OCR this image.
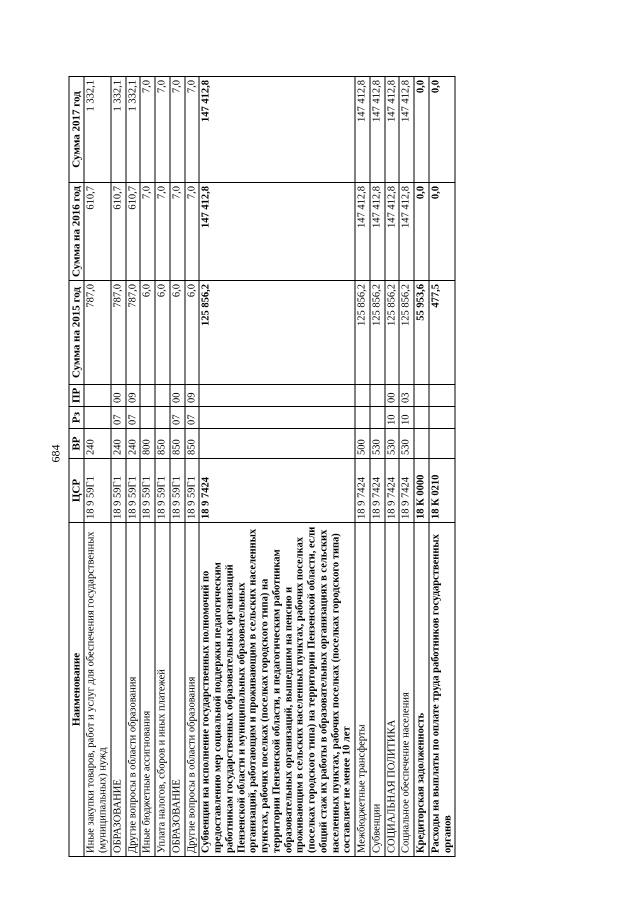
684
Наименование	ЦСР	ВР	Рз	ПР	Сумма на 2015 год	Сумма на 2016 год	Сумма 2017 год
Иные закупки товаров, работ и услуг для обеспечения государственных (муниципальных) нужд	18 9 59Г1	240			787,0	610,7	1 332,1
ОБРАЗОВАНИЕ	18 9 59Г1	240	07	00	787,0	610,7	1 332,1
Другие вопросы в области образования	18 9 59Г1	240	07	09	787,0	610,7	1 332,1
Иные бюджетные ассигнования	18 9 59Г1	800			6,0	7,0	7,0
Уплата налогов, сборов и иных платежей	18 9 59Г1	850			6,0	7,0	7,0
ОБРАЗОВАНИЕ	18 9 59Г1	850	07	00	6,0	7,0	7,0
Другие вопросы в области образования	18 9 59Г1	850	07	09	6,0	7,0	7,0
Субвенции на исполнение государственных полномочий по предоставлению мер социальной поддержки педагогическим работникам государственных образовательных организаций Пензенской области и муниципальных образовательных организаций, работающим и проживающим в сельских населенных пунктах, рабочих поселках (поселках городского типа) на территории Пензенской области, и педагогическим работникам образовательных организаций, вышедшим на пенсию и проживающим в сельских населенных пунктах, рабочих поселках (поселках городского типа) на территории Пензенской области, если общий стаж их работы в образовательных организациях в сельских населенных пунктах, рабочих поселках (поселках городского типа) составляет не менее 10 лет	18 9 7424				125 856,2	147 412,8	147 412,8
Межбюджетные трансферты	18 9 7424	500			125 856,2	147 412,8	147 412,8
Субвенции	18 9 7424	530			125 856,2	147 412,8	147 412,8
СОЦИАЛЬНАЯ ПОЛИТИКА	18 9 7424	530	10	00	125 856,2	147 412,8	147 412,8
Социальное обеспечение населения	18 9 7424	530	10	03	125 856,2	147 412,8	147 412,8
Кредиторская задолженность	18 К 0000				55 953,6	0,0	0,0
Расходы на выплаты по оплате труда работников государственных органов	18 К 0210				477,5	0,0	0,0
